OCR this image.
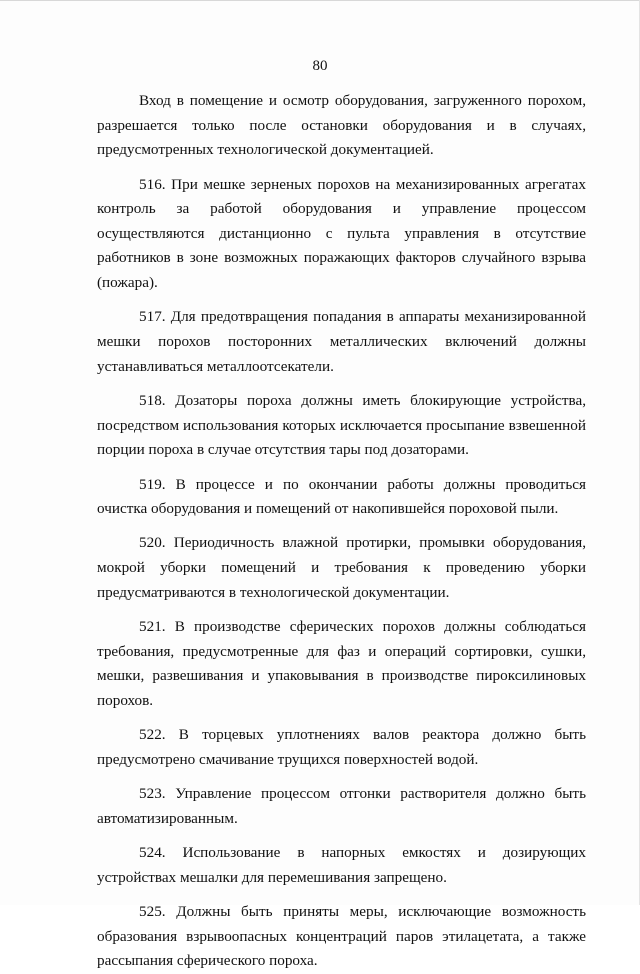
80

Вход в помещение и осмотр оборудования, загруженного порохом, разрешается только после остановки оборудования и в случаях, предусмотренных технологической документацией.

516. При мешке зерненых порохов на механизированных агрегатах контроль за работой оборудования и управление процессом осуществляются дистанционно с пульта управления в отсутствие работников в зоне возможных поражающих факторов случайного взрыва (пожара).

517. Для предотвращения попадания в аппараты механизированной мешки порохов посторонних металлических включений должны устанавливаться металлоотсекатели.

518. Дозаторы пороха должны иметь блокирующие устройства, посредством использования которых исключается просыпание взвешенной порции пороха в случае отсутствия тары под дозаторами.

519. В процессе и по окончании работы должны проводиться очистка оборудования и помещений от накопившейся пороховой пыли.

520. Периодичность влажной протирки, промывки оборудования, мокрой уборки помещений и требования к проведению уборки предусматриваются в технологической документации.

521. В производстве сферических порохов должны соблюдаться требования, предусмотренные для фаз и операций сортировки, сушки, мешки, развешивания и упаковывания в производстве пироксилиновых порохов.

522. В торцевых уплотнениях валов реактора должно быть предусмотрено смачивание трущихся поверхностей водой.

523. Управление процессом отгонки растворителя должно быть автоматизированным.

524. Использование в напорных емкостях и дозирующих устройствах мешалки для перемешивания запрещено.

525. Должны быть приняты меры, исключающие возможность образования взрывоопасных концентраций паров этилацетата, а также рассыпания сферического пороха.
